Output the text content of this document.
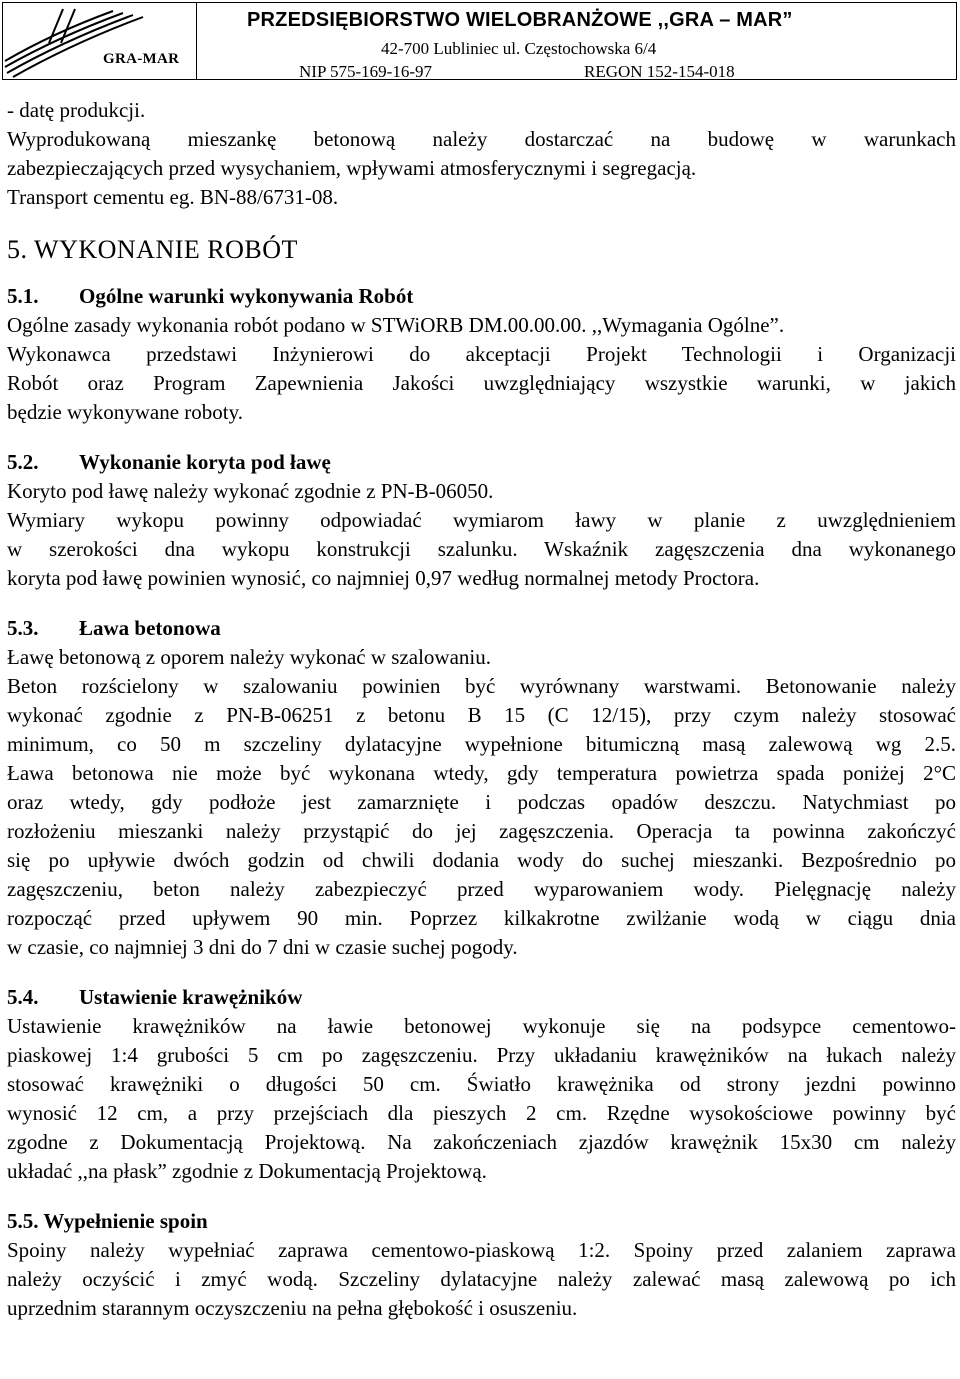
GRA-MAR
PRZEDSIĘBIORSTWO WIELOBRANŻOWE ,,GRA – MAR”
42-700 Lubliniec ul. Częstochowska 6/4
NIP 575-169-16-97	REGON 152-154-018
- datę produkcji.
Wyprodukowaną mieszankę betonową należy dostarczać na budowę w warunkach
zabezpieczających przed wysychaniem, wpływami atmosferycznymi i segregacją.
Transport cementu eg. BN-88/6731-08.
5. WYKONANIE ROBÓT
5.1. Ogólne warunki wykonywania Robót
Ogólne zasady wykonania robót podano w STWiORB DM.00.00.00. ,,Wymagania Ogólne”.
Wykonawca przedstawi Inżynierowi do akceptacji Projekt Technologii i Organizacji
Robót oraz Program Zapewnienia Jakości uwzględniający wszystkie warunki, w jakich
będzie wykonywane roboty.
5.2. Wykonanie koryta pod ławę
Koryto pod ławę należy wykonać zgodnie z PN-B-06050.
Wymiary wykopu powinny odpowiadać wymiarom ławy w planie z uwzględnieniem
w szerokości dna wykopu konstrukcji szalunku. Wskaźnik zagęszczenia dna wykonanego
koryta pod ławę powinien wynosić, co najmniej 0,97 według normalnej metody Proctora.
5.3. Ława betonowa
Ławę betonową z oporem należy wykonać w szalowaniu.
Beton rozścielony w szalowaniu powinien być wyrównany warstwami. Betonowanie należy
wykonać zgodnie z PN-B-06251 z betonu B 15 (C 12/15), przy czym należy stosować
minimum, co 50 m szczeliny dylatacyjne wypełnione bitumiczną masą zalewową wg 2.5.
Ława betonowa nie może być wykonana wtedy, gdy temperatura powietrza spada poniżej 2°C
oraz wtedy, gdy podłoże jest zamarznięte i podczas opadów deszczu. Natychmiast po
rozłożeniu mieszanki należy przystąpić do jej zagęszczenia. Operacja ta powinna zakończyć
się po upływie dwóch godzin od chwili dodania wody do suchej mieszanki. Bezpośrednio po
zagęszczeniu, beton należy zabezpieczyć przed wyparowaniem wody. Pielęgnację należy
rozpocząć przed upływem 90 min. Poprzez kilkakrotne zwilżanie wodą w ciągu dnia
w czasie, co najmniej 3 dni do 7 dni w czasie suchej pogody.
5.4. Ustawienie krawężników
Ustawienie krawężników na ławie betonowej wykonuje się na podsypce cementowo-
piaskowej 1:4 grubości 5 cm po zagęszczeniu. Przy układaniu krawężników na łukach należy
stosować krawężniki o długości 50 cm. Światło krawężnika od strony jezdni powinno
wynosić 12 cm, a przy przejściach dla pieszych 2 cm. Rzędne wysokościowe powinny być
zgodne z Dokumentacją Projektową. Na zakończeniach zjazdów krawężnik 15x30 cm należy
układać ,,na płask” zgodnie z Dokumentacją Projektową.
5.5. Wypełnienie spoin
Spoiny należy wypełniać zaprawa cementowo-piaskową 1:2. Spoiny przed zalaniem zaprawa
należy oczyścić i zmyć wodą. Szczeliny dylatacyjne należy zalewać masą zalewową po ich
uprzednim starannym oczyszczeniu na pełna głębokość i osuszeniu.
